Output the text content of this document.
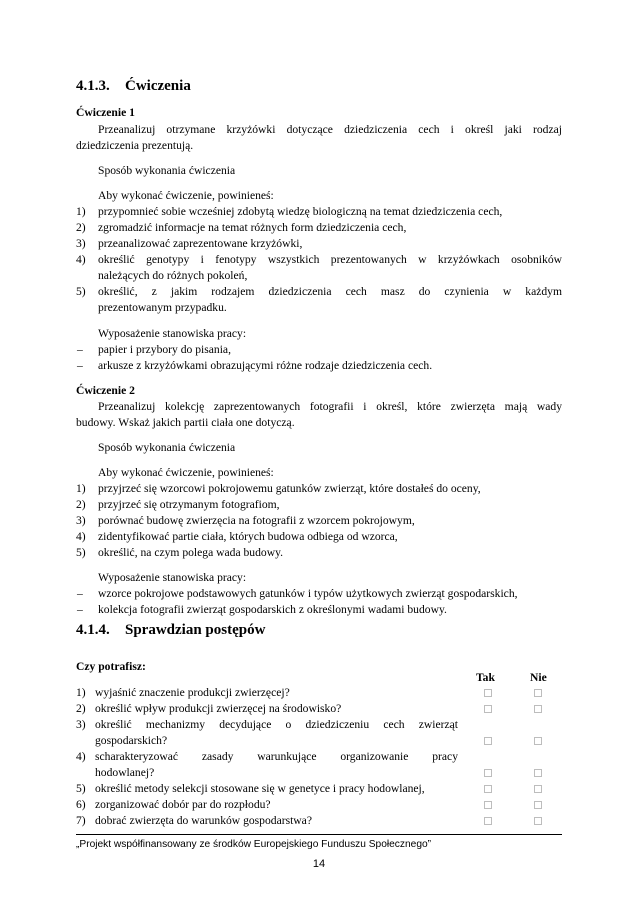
4.1.3. Ćwiczenia
Ćwiczenie 1
Przeanalizuj otrzymane krzyżówki dotyczące dziedziczenia cech i określ jaki rodzaj
dziedziczenia prezentują.
Sposób wykonania ćwiczenia
Aby wykonać ćwiczenie, powinieneś:
1) przypomnieć sobie wcześniej zdobytą wiedzę biologiczną na temat dziedziczenia cech,
2) zgromadzić informacje na temat różnych form dziedziczenia cech,
3) przeanalizować zaprezentowane krzyżówki,
4) określić genotypy i fenotypy wszystkich prezentowanych w krzyżówkach osobników
należących do różnych pokoleń,
5) określić, z jakim rodzajem dziedziczenia cech masz do czynienia w każdym
prezentowanym przypadku.
Wyposażenie stanowiska pracy:
– papier i przybory do pisania,
– arkusze z krzyżówkami obrazującymi różne rodzaje dziedziczenia cech.
Ćwiczenie 2
Przeanalizuj kolekcję zaprezentowanych fotografii i określ, które zwierzęta mają wady
budowy. Wskaż jakich partii ciała one dotyczą.
Sposób wykonania ćwiczenia
Aby wykonać ćwiczenie, powinieneś:
1) przyjrzeć się wzorcowi pokrojowemu gatunków zwierząt, które dostałeś do oceny,
2) przyjrzeć się otrzymanym fotografiom,
3) porównać budowę zwierzęcia na fotografii z wzorcem pokrojowym,
4) zidentyfikować partie ciała, których budowa odbiega od wzorca,
5) określić, na czym polega wada budowy.
Wyposażenie stanowiska pracy:
– wzorce pokrojowe podstawowych gatunków i typów użytkowych zwierząt gospodarskich,
– kolekcja fotografii zwierząt gospodarskich z określonymi wadami budowy.
4.1.4. Sprawdzian postępów
Czy potrafisz:
Tak	Nie
1) wyjaśnić znaczenie produkcji zwierzęcej?
2) określić wpływ produkcji zwierzęcej na środowisko?
3) określić mechanizmy decydujące o dziedziczeniu cech zwierząt
gospodarskich?
4) scharakteryzować zasady warunkujące organizowanie pracy
hodowlanej?
5) określić metody selekcji stosowane się w genetyce i pracy hodowlanej,
6) zorganizować dobór par do rozpłodu?
7) dobrać zwierzęta do warunków gospodarstwa?
„Projekt współfinansowany ze środków Europejskiego Funduszu Społecznego”
14
